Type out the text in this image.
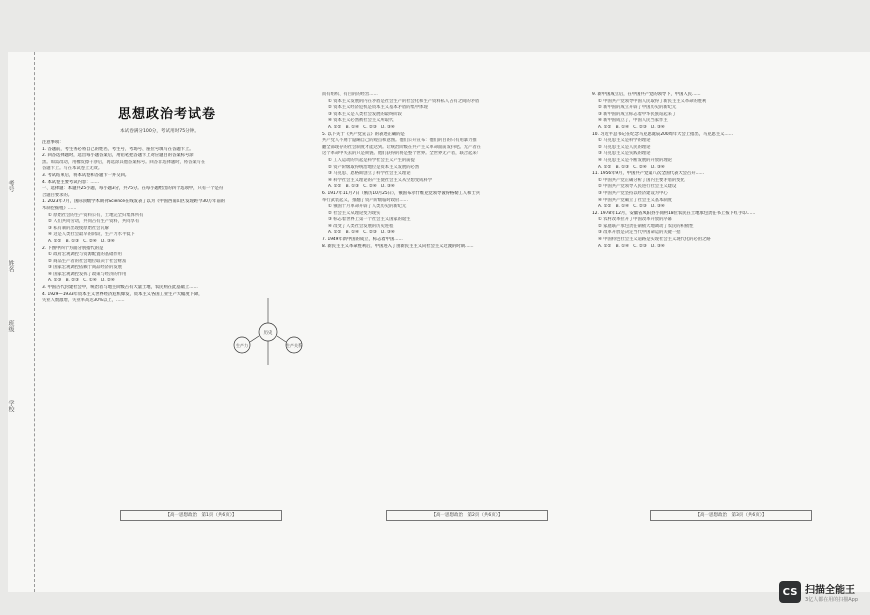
考号
姓名
班级
学校
思想政治考试卷
本试卷满分100分，考试用时75分钟。

注意事项：

1. 答题前，考生务必将自己的姓名、考生号、考场号、座位号填写在答题卡上。

2. 回答选择题时，选出每小题答案后，用铅笔把答题卡上对应题目的答案标号涂

黑。如需改动，用橡皮擦干净后，再选涂其他答案标号。回答非选择题时，将答案写在

答题卡上。写在本试卷上无效。

3. 考试结束后，将本试卷和答题卡一并交回。

4. 本试卷主要考试内容：……

一、选择题：本题共25小题，每小题3分，共75分。在每小题给出的四个选项中，只有一个是符

合题目要求的。

1. 2023年7月，国际顶级学术期刊Science在线发表了以为《中国西南山区发现距今30万年前的

木制挖掘棍》……

① 原始社会的生产资料公有，土地完全归集体所有

② 人们共同劳动，共同占有生产资料，共同享有

③ 私有制的出现使原始社会瓦解

④ 这是人类社会最早的阶段，生产力水平低下

A. ①②　B. ①③　C. ②④　D. ③④

2. 下图中四个方面分别指代的是

① 政府宏观调控与资源配置的基础作用

② 商品生产者的社会地位取决于社会财富

③ 国家宏观调控依赖于商品经济的发展

④ 国家宏观调控发挥了政策与经济的作用

A. ①③　B. ②③　C. ①④　D. ②④

3. 中国古代封建社会中，统治者与地主阶级占有大量土地，农民则在此基础上……

4. 1929—1933年资本主义世界经济危机爆发，资本主义各国工业生产大幅度下降，

失业人数激增，失业率高达30%以上，……

而有组织、有目的的经营……

① 资本主义发展的内在矛盾是社会生产的社会化和生产资料私人占有之间的矛盾

② 资本主义经济危机是资本主义基本矛盾的集中体现

③ 资本主义是人类社会发展的最终阶段

④ 资本主义必然被社会主义所取代

A. ①②　B. ①④　C. ②③　D. ③④

5. 以下关于《共产党宣言》的表述正确的是

共产党人不屑于隐瞒自己的观点和意图。他们公开宣布：他们的目的只有用暴力推

翻全部现存的社会制度才能达到。让统治阶级在共产主义革命面前发抖吧。无产者在

这个革命中失去的只是锁链。他们获得的将是整个世界。全世界无产者，联合起来！

① 工人运动的兴起是科学社会主义产生的前提

② 资产阶级取得统治地位是资本主义发展的必然

③ 马克思、恩格斯创立了科学社会主义理论

④ 科学社会主义理论的产生使社会主义从空想变成科学

A. ①②　B. ①③　C. ②④　D. ③④

6. 1917年11月7日（俄历10月25日），俄国布尔什维克党领导彼得格勒工人和士兵

举行武装起义，推翻了资产阶级临时政府……

① 俄国十月革命开辟了人类历史的新纪元

② 社会主义从理论变为现实

③ 标志着世界上第一个社会主义国家的诞生

④ 改变了人类社会发展的历史进程

A. ①②　B. ①④　C. ②③　D. ③④

7. 1949年新中国的成立，标志着中国……

8. 新民主主义革命胜利后，中国进入了由新民主主义向社会主义过渡的时期……

9. 新中国成立后，在中国共产党的领导下，中国人民……

① 中国共产党领导中国人民取得了新民主主义革命的胜利

② 新中国的成立开辟了中国历史的新纪元

③ 新中国的成立标志着中华民族站起来了

④ 新中国成立了，中国人民当家作主

A. ①②　B. ①④　C. ②③　D. ③④

10. 习近平总书记在纪念马克思诞辰200周年大会上指出，马克思主义……

① 马克思主义是科学的理论

② 马克思主义是人民的理论

③ 马克思主义是实践的理论

④ 马克思主义是不断发展的开放的理论

A. ①②　B. ①③　C. ②④　D. ③④

11. 1956年9月，中国共产党第八次全国代表大会召开……

① 中国共产党正确分析了国内主要矛盾的变化

② 中国共产党领导人民进行社会主义建设

③ 中国共产党坚持以经济建设为中心

④ 中国共产党确立了社会主义基本制度

A. ①②　B. ①④　C. ②③　D. ③④

12. 1978年12月，安徽省凤阳县小岗村18位农民在土地承包责任书上按下红手印……

① 农村改革拉开了中国改革开放的序幕

② 家庭联产承包责任制极大地调动了农民的积极性

③ 改革开放是决定当代中国命运的关键一招

④ 中国特色社会主义道路是实现社会主义现代化的必由之路

A. ①②　B. ①④　C. ②③　D. ③④

历史
生产力	生产关系
【高一思想政治　第1页（共6页）】	【高一思想政治　第2页（共6页）】	【高一思想政治　第3页（共6页）】
CS 扫描全能王
3亿人都在用的扫描App
